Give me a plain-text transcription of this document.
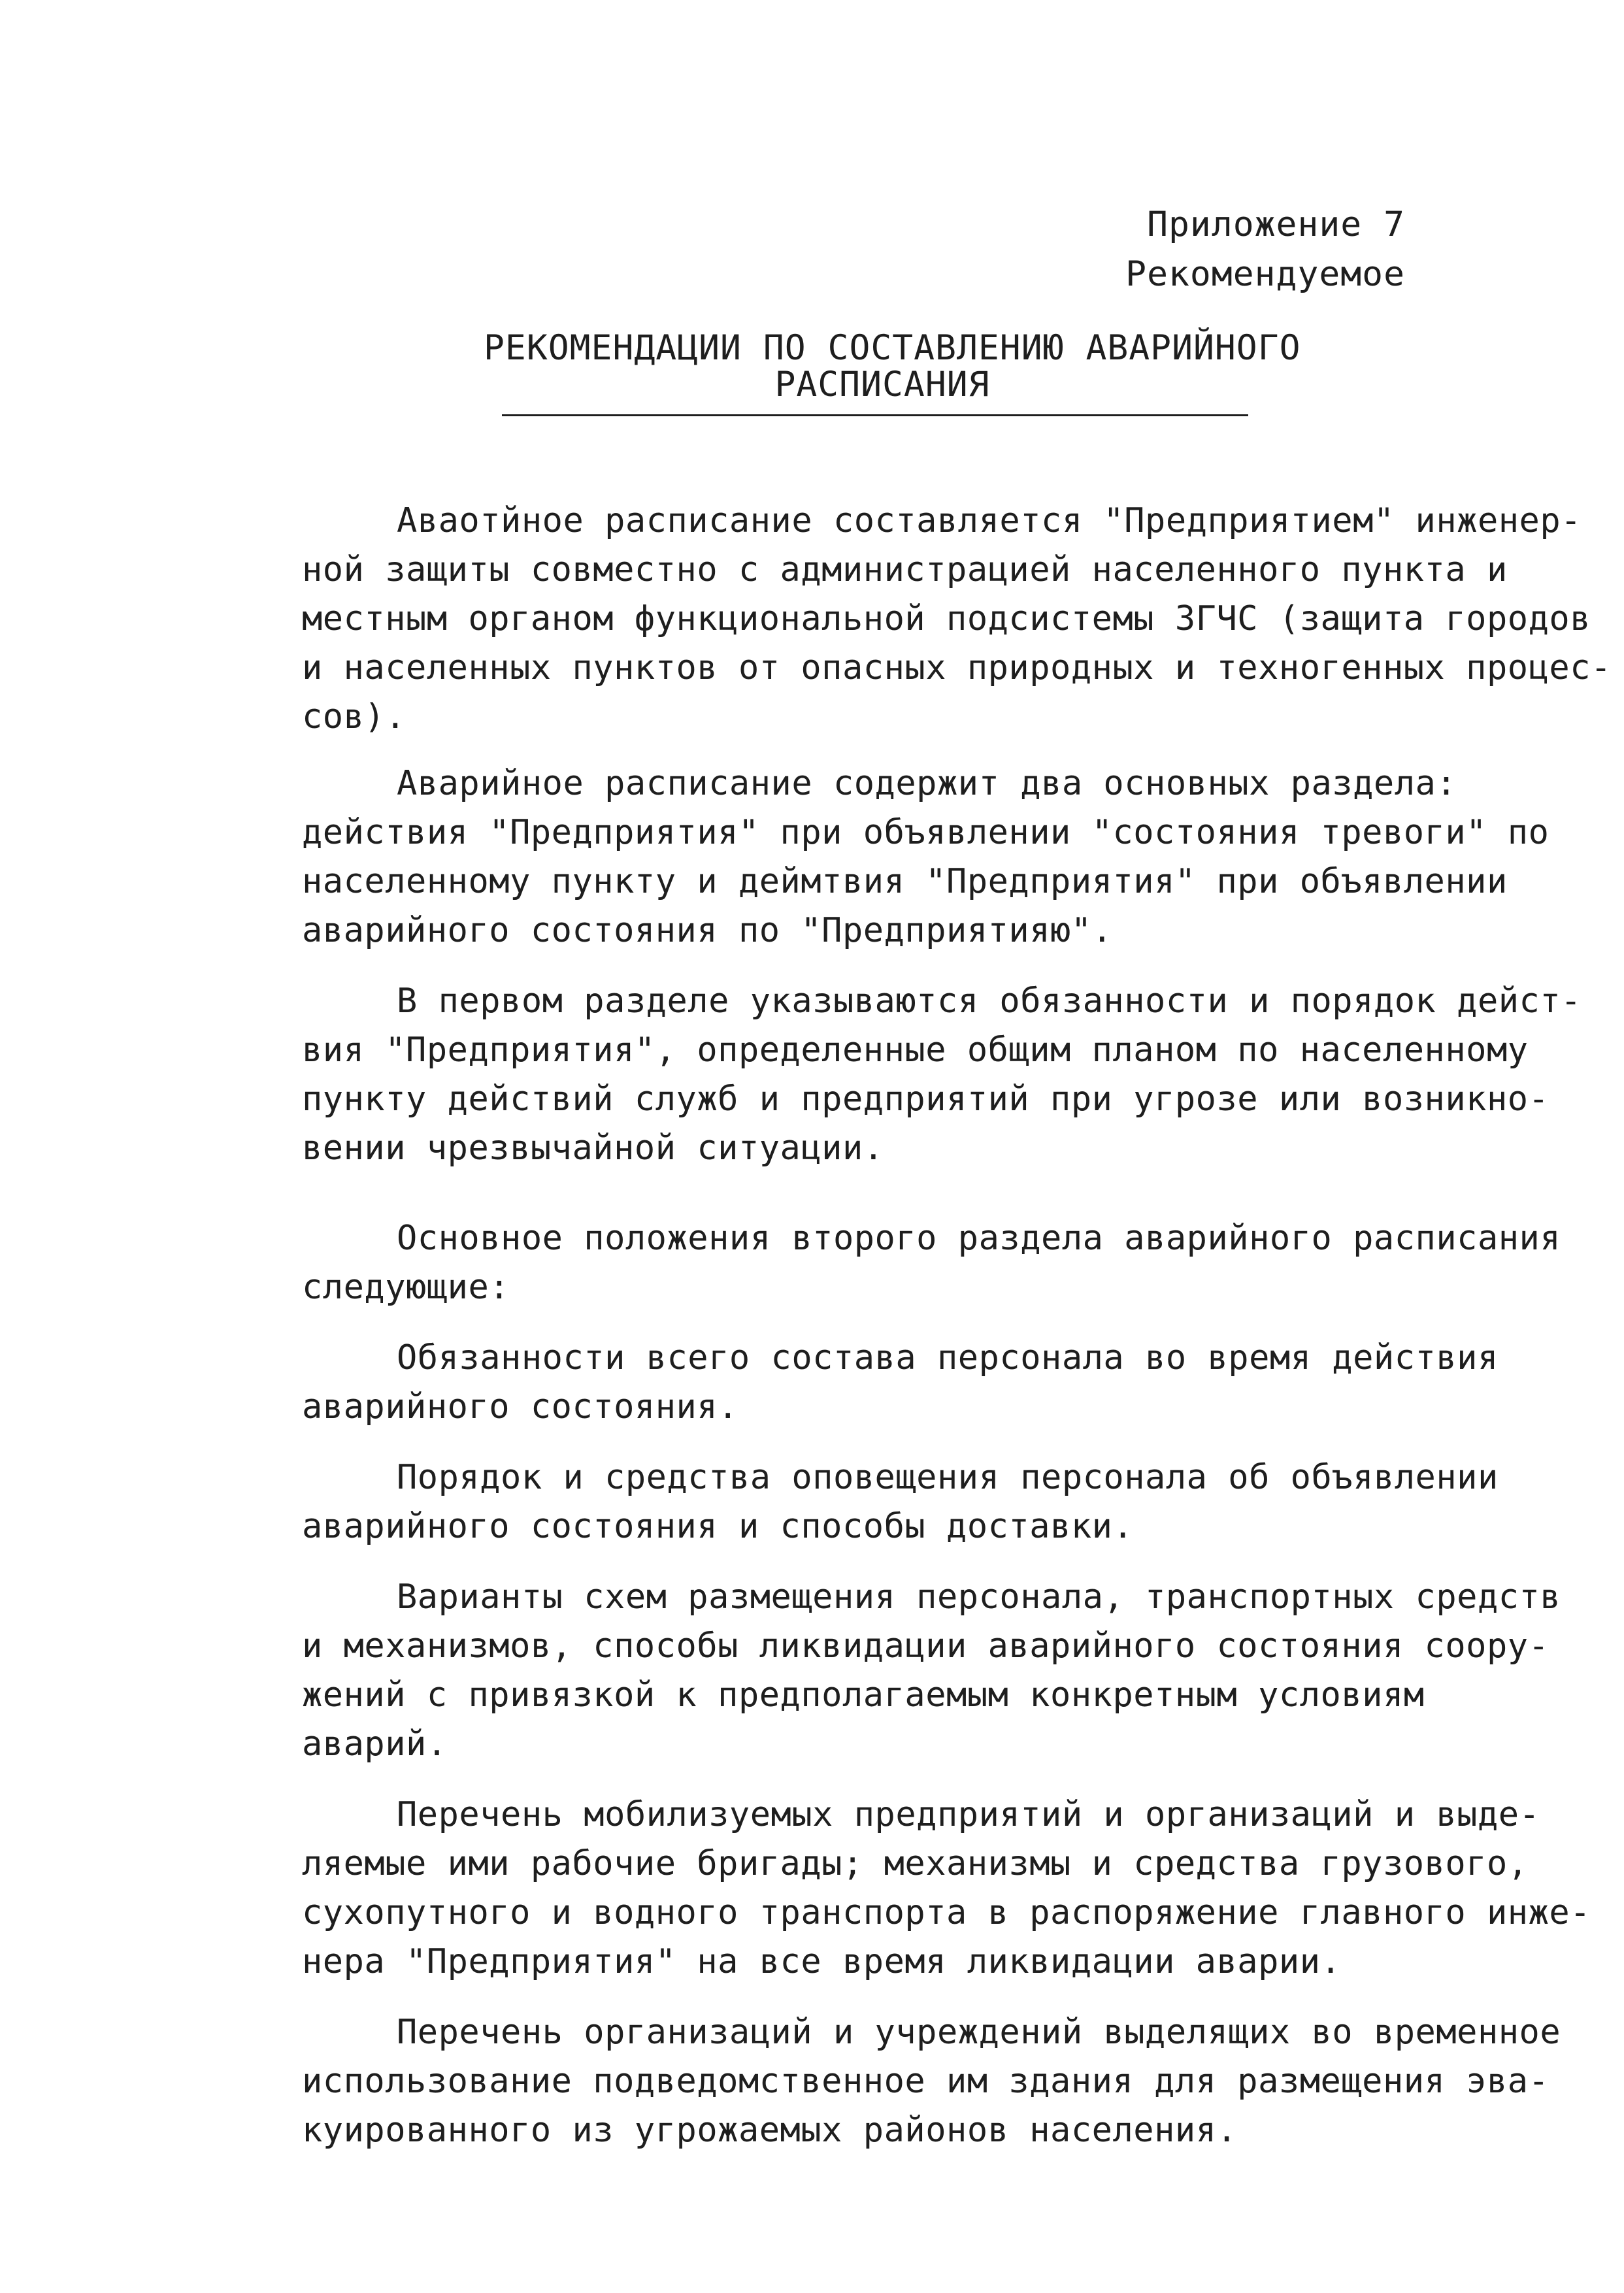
Приложение 7
Рекомендуемое
РЕКОМЕНДАЦИИ ПО СОСТАВЛЕНИЮ АВАРИЙНОГО
РАСПИСАНИЯ
Аваотйное расписание составляется "Предприятием" инженер-
ной защиты совместно с администрацией населенного пункта и
местным органом функциональной подсистемы ЗГЧС (защита городов
и населенных пунктов от опасных природных и техногенных процес-
сов).
Аварийное расписание содержит два основных раздела:
действия "Предприятия" при объявлении "состояния тревоги" по
населенному пункту и деймтвия "Предприятия" при объявлении
аварийного состояния по "Предприятияю".
В первом разделе указываются обязанности и порядок дейст-
вия "Предприятия", определенные общим планом по населенному
пункту действий служб и предприятий при угрозе или возникно-
вении чрезвычайной ситуации.
Основное положения второго раздела аварийного расписания
следующие:
Обязанности всего состава персонала во время действия
аварийного состояния.
Порядок и средства оповещения персонала об объявлении
аварийного состояния и способы доставки.
Варианты схем размещения персонала, транспортных средств
и механизмов, способы ликвидации аварийного состояния соору-
жений с привязкой к предполагаемым конкретным условиям
аварий.
Перечень мобилизуемых предприятий и организаций и выде-
ляемые ими рабочие бригады; механизмы и средства грузового,
сухопутного и водного транспорта в распоряжение главного инже-
нера "Предприятия" на все время ликвидации аварии.
Перечень организаций и учреждений выделящих во временное
использование подведомственное им здания для размещения эва-
куированного из угрожаемых районов населения.
